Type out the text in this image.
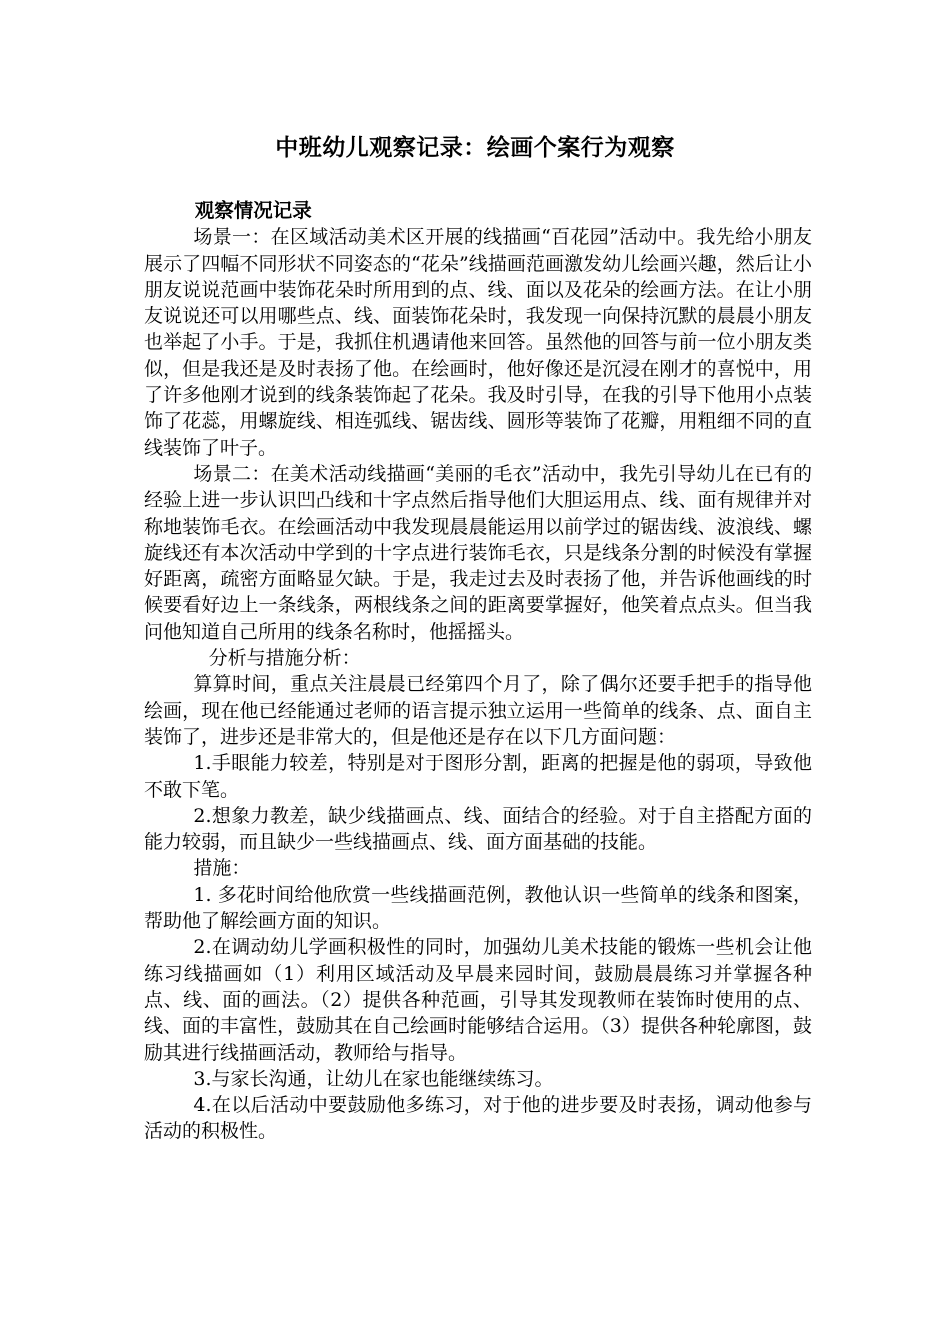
中班幼儿观察记录：绘画个案行为观察

观察情况记录

场景一：在区域活动美术区开展的线描画“百花园”活动中。我先给小朋友展示了四幅不同形状不同姿态的“花朵”线描画范画激发幼儿绘画兴趣，然后让小朋友说说范画中装饰花朵时所用到的点、线、面以及花朵的绘画方法。在让小朋友说说还可以用哪些点、线、面装饰花朵时，我发现一向保持沉默的晨晨小朋友也举起了小手。于是，我抓住机遇请他来回答。虽然他的回答与前一位小朋友类似，但是我还是及时表扬了他。在绘画时，他好像还是沉浸在刚才的喜悦中，用了许多他刚才说到的线条装饰起了花朵。我及时引导，在我的引导下他用小点装饰了花蕊，用螺旋线、相连弧线、锯齿线、圆形等装饰了花瓣，用粗细不同的直线装饰了叶子。

场景二：在美术活动线描画“美丽的毛衣”活动中，我先引导幼儿在已有的经验上进一步认识凹凸线和十字点然后指导他们大胆运用点、线、面有规律并对称地装饰毛衣。在绘画活动中我发现晨晨能运用以前学过的锯齿线、波浪线、螺旋线还有本次活动中学到的十字点进行装饰毛衣，只是线条分割的时候没有掌握好距离，疏密方面略显欠缺。于是，我走过去及时表扬了他，并告诉他画线的时候要看好边上一条线条，两根线条之间的距离要掌握好，他笑着点点头。但当我问他知道自己所用的线条名称时，他摇摇头。

分析与措施分析：

算算时间，重点关注晨晨已经第四个月了，除了偶尔还要手把手的指导他绘画，现在他已经能通过老师的语言提示独立运用一些简单的线条、点、面自主装饰了，进步还是非常大的，但是他还是存在以下几方面问题：

1.手眼能力较差，特别是对于图形分割，距离的把握是他的弱项，导致他不敢下笔。

2.想象力教差，缺少线描画点、线、面结合的经验。对于自主搭配方面的能力较弱，而且缺少一些线描画点、线、面方面基础的技能。

措施：

1. 多花时间给他欣赏一些线描画范例，教他认识一些简单的线条和图案，帮助他了解绘画方面的知识。

2.在调动幼儿学画积极性的同时，加强幼儿美术技能的锻炼一些机会让他练习线描画如（1）利用区域活动及早晨来园时间，鼓励晨晨练习并掌握各种点、线、面的画法。（2）提供各种范画，引导其发现教师在装饰时使用的点、线、面的丰富性，鼓励其在自己绘画时能够结合运用。（3）提供各种轮廓图，鼓励其进行线描画活动，教师给与指导。

3.与家长沟通，让幼儿在家也能继续练习。

4.在以后活动中要鼓励他多练习，对于他的进步要及时表扬，调动他参与活动的积极性。
